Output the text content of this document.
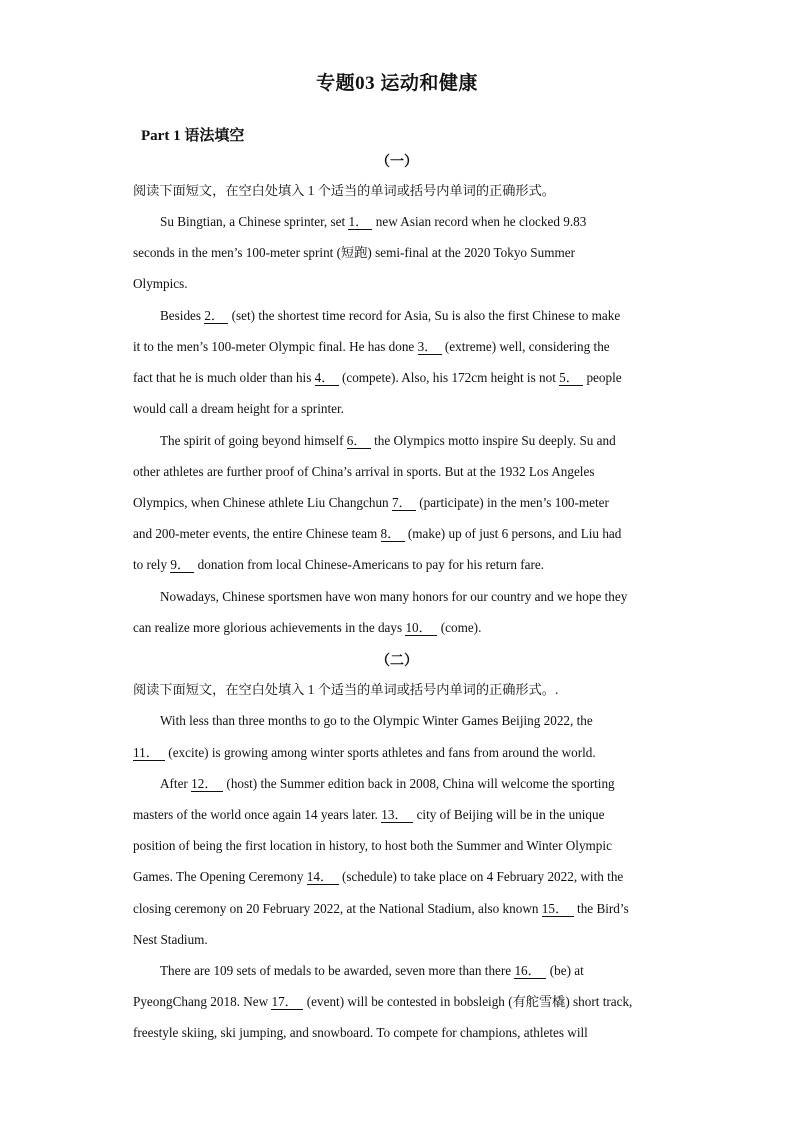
专题03 运动和健康
Part 1 语法填空
（一）
阅读下面短文，在空白处填入 1 个适当的单词或括号内单词的正确形式。
Su Bingtian, a Chinese sprinter, set 1． new Asian record when he clocked 9.83
seconds in the men’s 100-meter sprint (短跑) semi-final at the 2020 Tokyo Summer
Olympics.
Besides 2． (set) the shortest time record for Asia, Su is also the first Chinese to make
it to the men’s 100-meter Olympic final. He has done 3． (extreme) well, considering the
fact that he is much older than his 4． (compete). Also, his 172cm height is not 5． people
would call a dream height for a sprinter.
The spirit of going beyond himself 6． the Olympics motto inspire Su deeply. Su and
other athletes are further proof of China’s arrival in sports. But at the 1932 Los Angeles
Olympics, when Chinese athlete Liu Changchun 7． (participate) in the men’s 100-meter
and 200-meter events, the entire Chinese team 8． (make) up of just 6 persons, and Liu had
to rely 9． donation from local Chinese-Americans to pay for his return fare.
Nowadays, Chinese sportsmen have won many honors for our country and we hope they
can realize more glorious achievements in the days 10． (come).
（二）
阅读下面短文，在空白处填入 1 个适当的单词或括号内单词的正确形式。.
With less than three months to go to the Olympic Winter Games Beijing 2022, the
11． (excite) is growing among winter sports athletes and fans from around the world.
After 12． (host) the Summer edition back in 2008, China will welcome the sporting
masters of the world once again 14 years later. 13． city of Beijing will be in the unique
position of being the first location in history, to host both the Summer and Winter Olympic
Games. The Opening Ceremony 14． (schedule) to take place on 4 February 2022, with the
closing ceremony on 20 February 2022, at the National Stadium, also known 15． the Bird’s
Nest Stadium.
There are 109 sets of medals to be awarded, seven more than there 16． (be) at
PyeongChang 2018. New 17． (event) will be contested in bobsleigh (有舵雪橇) short track,
freestyle skiing, ski jumping, and snowboard. To compete for champions, athletes will
